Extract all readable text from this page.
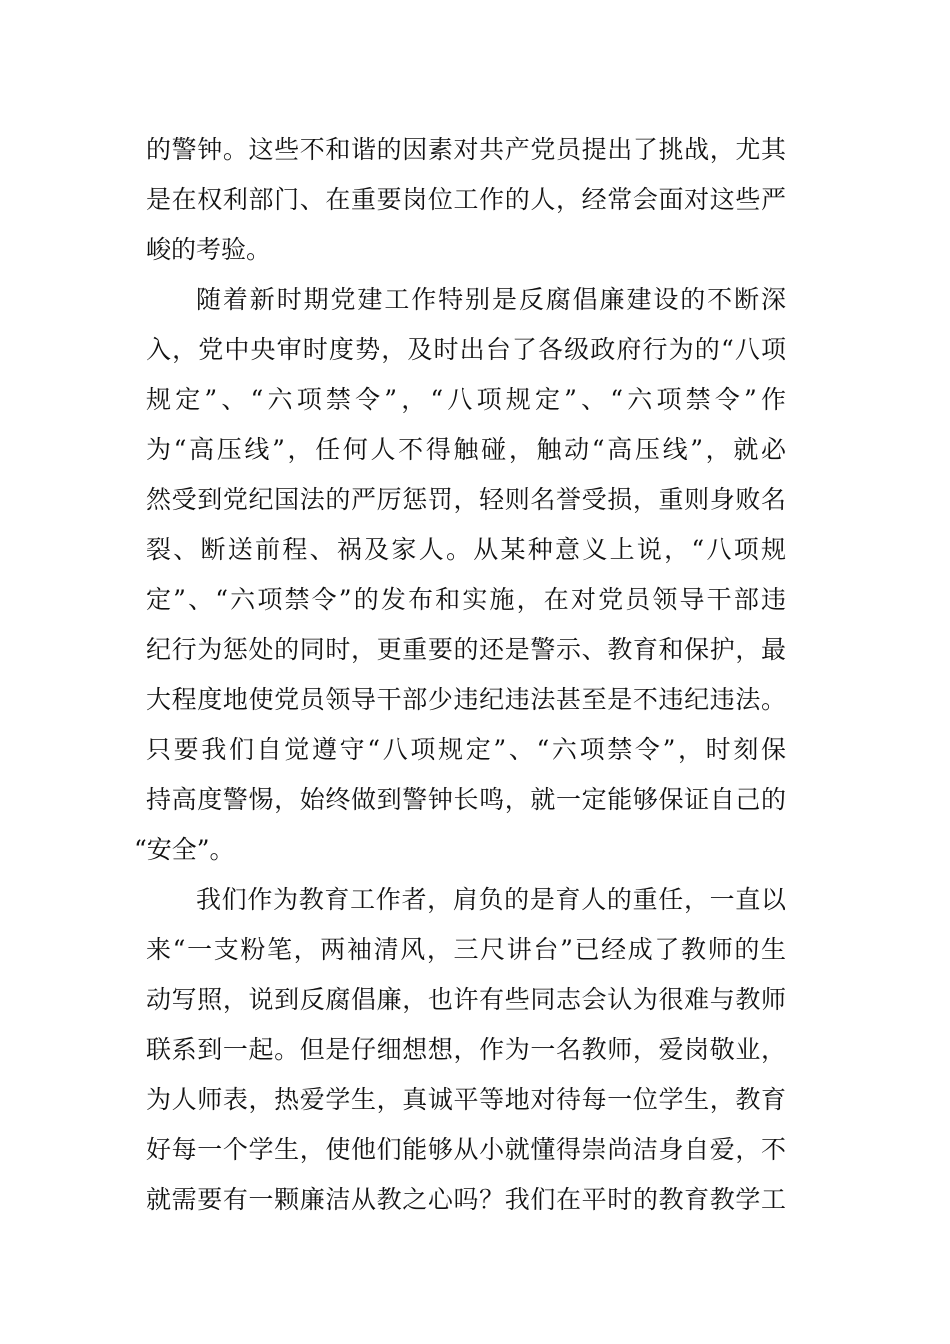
的警钟。这些不和谐的因素对共产党员提出了挑战，尤其
是在权利部门、在重要岗位工作的人，经常会面对这些严
峻的考验。
随着新时期党建工作特别是反腐倡廉建设的不断深
入，党中央审时度势，及时出台了各级政府行为的“八项
规定”、“六项禁令”，“八项规定”、“六项禁令”作
为“高压线”，任何人不得触碰，触动“高压线”，就必
然受到党纪国法的严厉惩罚，轻则名誉受损，重则身败名
裂、断送前程、祸及家人。从某种意义上说，“八项规
定”、“六项禁令”的发布和实施，在对党员领导干部违
纪行为惩处的同时，更重要的还是警示、教育和保护，最
大程度地使党员领导干部少违纪违法甚至是不违纪违法。
只要我们自觉遵守“八项规定”、“六项禁令”，时刻保
持高度警惕，始终做到警钟长鸣，就一定能够保证自己的
“安全”。
我们作为教育工作者，肩负的是育人的重任，一直以
来“一支粉笔，两袖清风，三尺讲台”已经成了教师的生
动写照，说到反腐倡廉，也许有些同志会认为很难与教师
联系到一起。但是仔细想想，作为一名教师，爱岗敬业，
为人师表，热爱学生，真诚平等地对待每一位学生，教育
好每一个学生，使他们能够从小就懂得崇尚洁身自爱，不
就需要有一颗廉洁从教之心吗？我们在平时的教育教学工
